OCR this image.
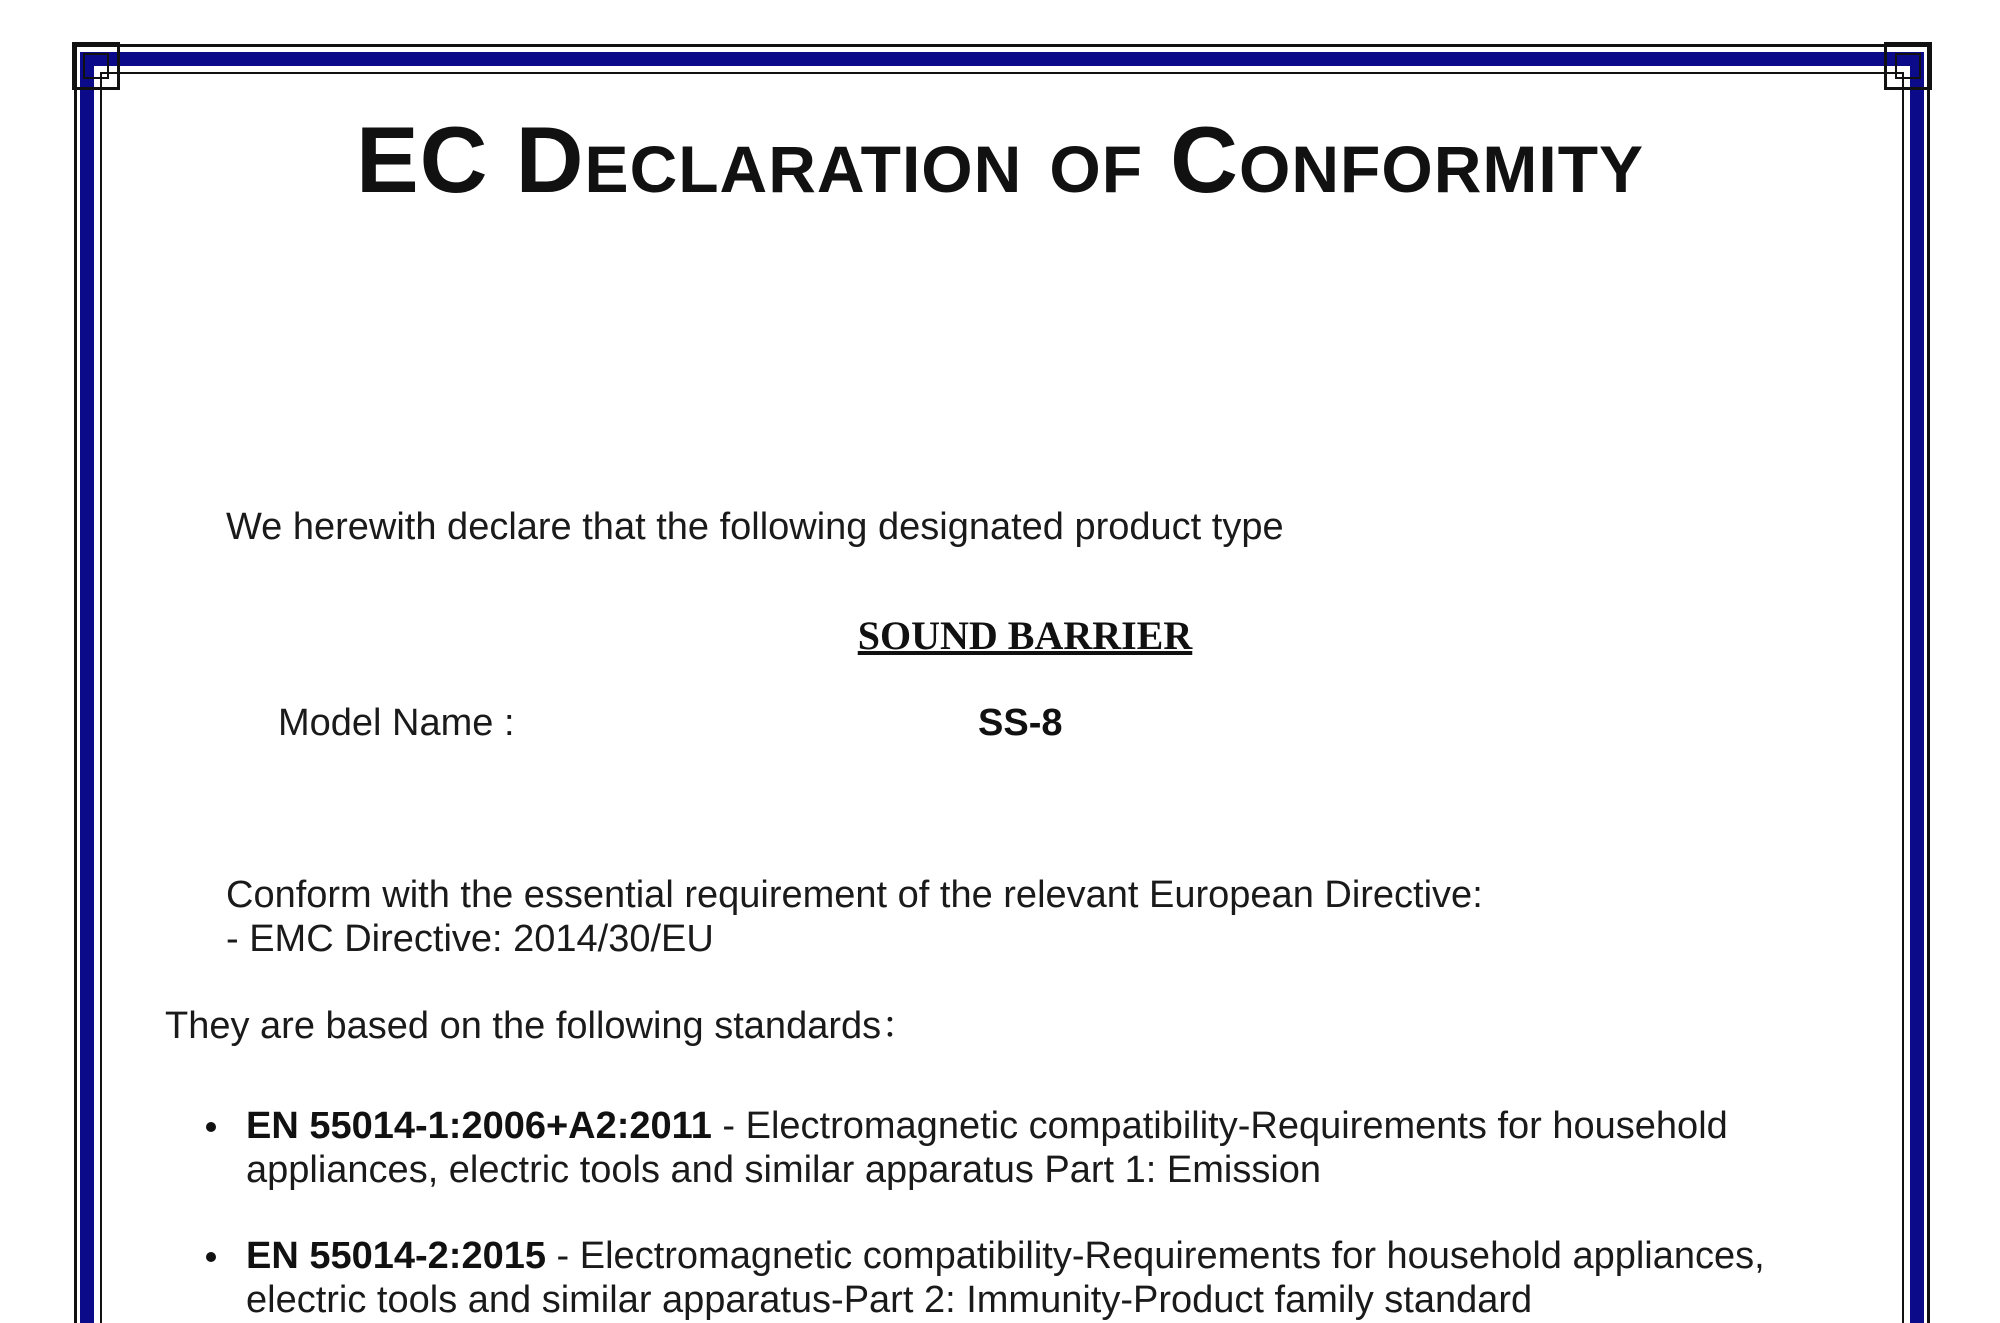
EC Declaration of Conformity
We herewith declare that the following designated product type
SOUND BARRIER
Model Name :	SS-8
Conform with the essential requirement of the relevant European Directive:
- EMC Directive: 2014/30/EU
They are based on the following standards：
EN 55014-1:2006+A2:2011 - Electromagnetic compatibility-Requirements for household appliances, electric tools and similar apparatus Part 1: Emission
EN 55014-2:2015 - Electromagnetic compatibility-Requirements for household appliances, electric tools and similar apparatus-Part 2: Immunity-Product family standard
